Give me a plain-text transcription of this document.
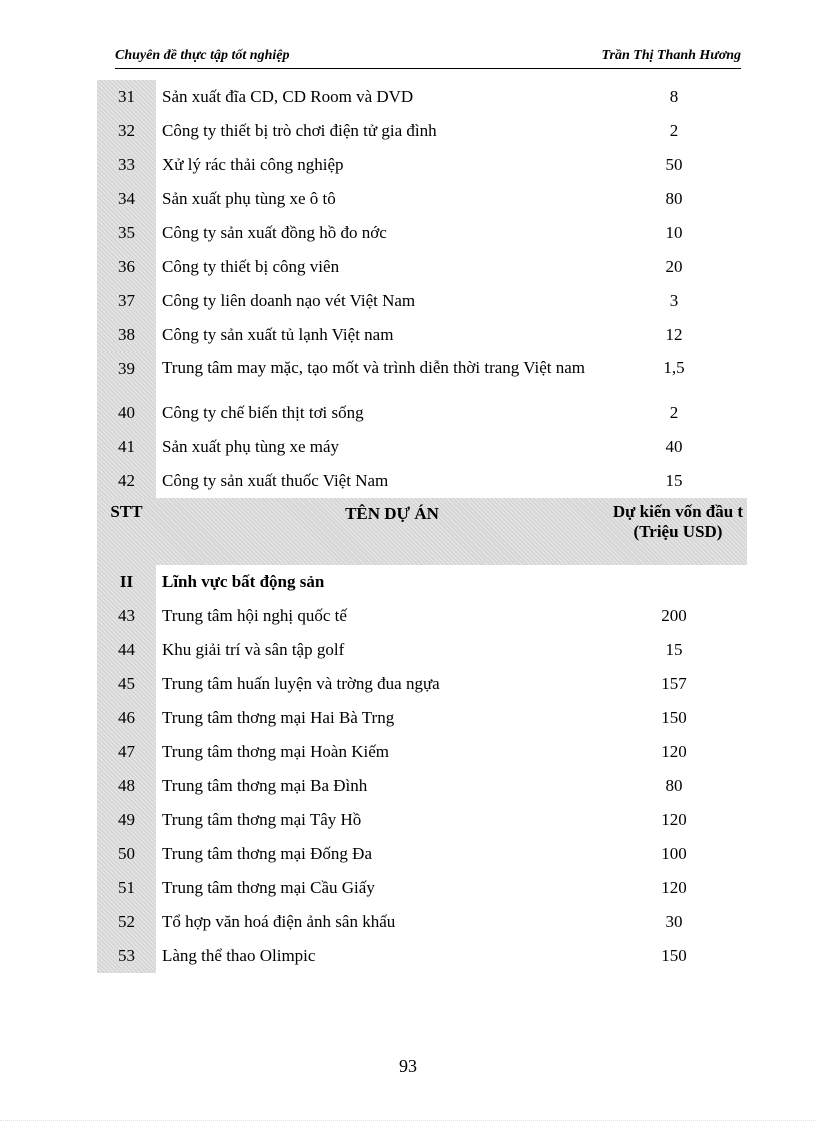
Chuyên đề thực tập tốt nghiệp	Trần Thị Thanh Hương
31	Sản xuất đĩa CD, CD Room và DVD	8
32	Công ty thiết bị trò chơi điện tử gia đình	2
33	Xử lý rác thải công nghiệp	50
34	Sản xuất phụ tùng xe ô tô	80
35	Công ty sản xuất đồng hồ đo nớc	10
36	Công ty thiết bị công viên	20
37	Công ty liên doanh nạo vét Việt Nam	3
38	Công ty sản xuất tủ lạnh Việt nam	12
39	Trung tâm may mặc, tạo mốt và trình diễn thời trang Việt nam	1,5
40	Công ty chế biến thịt tơi sống	2
41	Sản xuất phụ tùng xe máy	40
42	Công ty sản xuất thuốc Việt Nam	15
STT	TÊN DỰ ÁN	Dự kiến vốn đầu t (Triệu USD)
II	Lĩnh vực bất động sản
43	Trung tâm hội nghị quốc tế	200
44	Khu giải trí và sân tập golf	15
45	Trung tâm huấn luyện và trờng đua ngựa	157
46	Trung tâm thơng mại Hai Bà Trng	150
47	Trung tâm thơng mại Hoàn Kiếm	120
48	Trung tâm thơng mại Ba Đình	80
49	Trung tâm thơng mại Tây Hồ	120
50	Trung tâm thơng mại Đống Đa	100
51	Trung tâm thơng mại Cầu Giấy	120
52	Tổ hợp văn hoá điện ảnh sân khấu	30
53	Làng thể thao Olimpic	150
93
